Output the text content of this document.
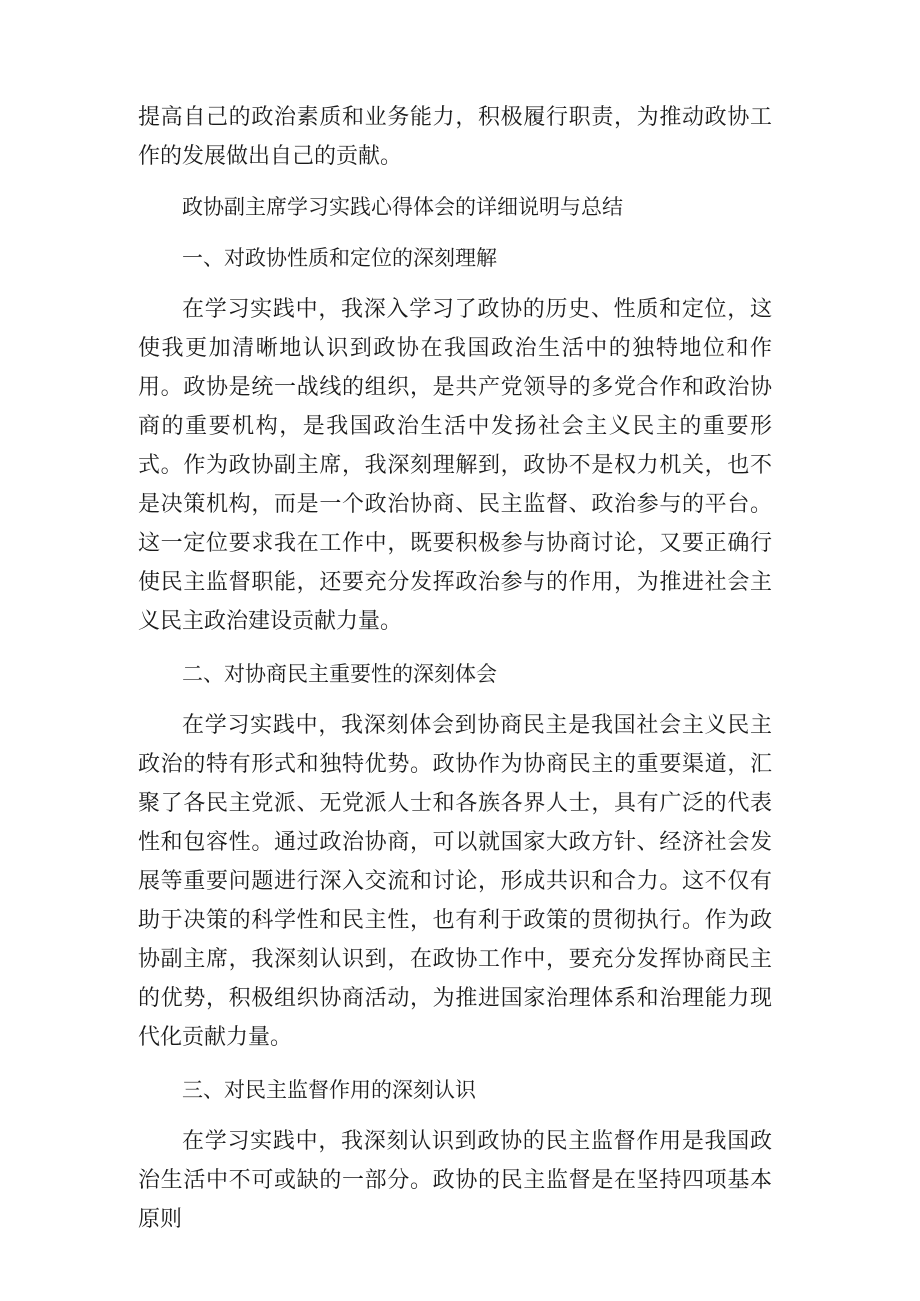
提高自己的政治素质和业务能力，积极履行职责，为推动政协工作的发展做出自己的贡献。

政协副主席学习实践心得体会的详细说明与总结

一、对政协性质和定位的深刻理解

在学习实践中，我深入学习了政协的历史、性质和定位，这使我更加清晰地认识到政协在我国政治生活中的独特地位和作用。政协是统一战线的组织，是共产党领导的多党合作和政治协商的重要机构，是我国政治生活中发扬社会主义民主的重要形式。作为政协副主席，我深刻理解到，政协不是权力机关，也不是决策机构，而是一个政治协商、民主监督、政治参与的平台。这一定位要求我在工作中，既要积极参与协商讨论，又要正确行使民主监督职能，还要充分发挥政治参与的作用，为推进社会主义民主政治建设贡献力量。

二、对协商民主重要性的深刻体会

在学习实践中，我深刻体会到协商民主是我国社会主义民主政治的特有形式和独特优势。政协作为协商民主的重要渠道，汇聚了各民主党派、无党派人士和各族各界人士，具有广泛的代表性和包容性。通过政治协商，可以就国家大政方针、经济社会发展等重要问题进行深入交流和讨论，形成共识和合力。这不仅有助于决策的科学性和民主性，也有利于政策的贯彻执行。作为政协副主席，我深刻认识到，在政协工作中，要充分发挥协商民主的优势，积极组织协商活动，为推进国家治理体系和治理能力现代化贡献力量。

三、对民主监督作用的深刻认识

在学习实践中，我深刻认识到政协的民主监督作用是我国政治生活中不可或缺的一部分。政协的民主监督是在坚持四项基本原则
